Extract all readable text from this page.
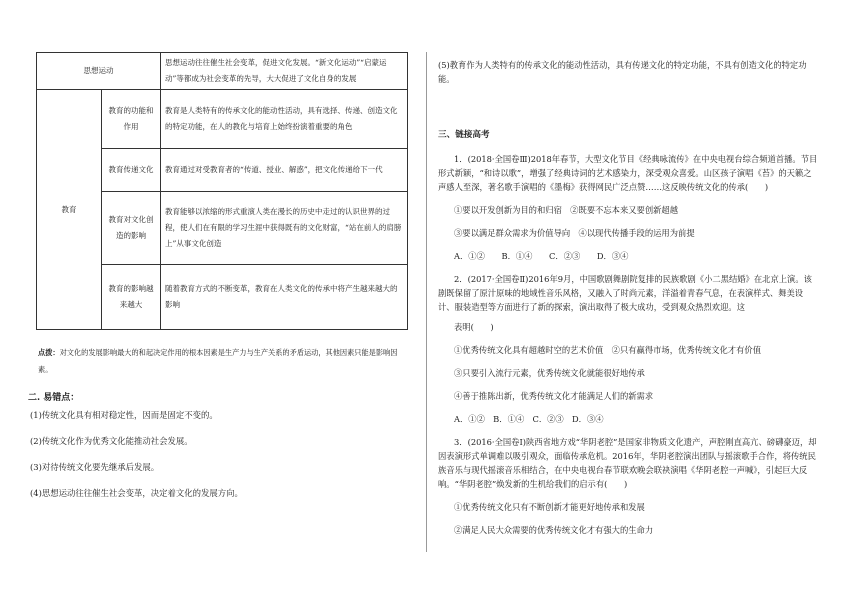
思想运动		思想运动往往催生社会变革，促进文化发展。“新文化运动”“启蒙运动”等都成为社会变革的先导，大大促进了文化自身的发展
教育	教育的功能和作用	教育是人类特有的传承文化的能动性活动，具有选择、传递、创造文化的特定功能，在人的教化与培育上始终扮演着重要的角色
	教育传递文化	教育通过对受教育者的“传道、授业、解惑”，把文化传递给下一代
	教育对文化创造的影响	教育能够以浓缩的形式重演人类在漫长的历史中走过的认识世界的过程，使人们在有限的学习生涯中获得既有的文化财富，“站在前人的肩膀上”从事文化创造
	教育的影响越来越大	随着教育方式的不断变革，教育在人类文化的传承中将产生越来越大的影响

点拨：对文化的发展影响最大的和起决定作用的根本因素是生产力与生产关系的矛盾运动，其他因素只能是影响因素。

二. 易错点：
(1)传统文化具有相对稳定性，因而是固定不变的。
(2)传统文化作为优秀文化能推动社会发展。
(3)对待传统文化要先继承后发展。
(4)思想运动往往催生社会变革，决定着文化的发展方向。

(5)教育作为人类特有的传承文化的能动性活动，具有传递文化的特定功能，不具有创造文化的特定功能。

三、链接高考

1．(2018·全国卷Ⅲ)2018年春节，大型文化节目《经典咏流传》在中央电视台综合频道首播。节目形式新颖，“和诗以歌”，增强了经典诗词的艺术感染力，深受观众喜爱。山区孩子演唱《苔》的天籁之声感人至深，著名歌手演唱的《墨梅》获得网民广泛点赞……这反映传统文化的传承(　　)

①要以开发创新为目的和归宿　②既要不忘本来又要创新超越

③要以满足群众需求为价值导向　④以现代传播手段的运用为前提

A．①②　　B．①④　　C．②③　　D．③④

2．(2017·全国卷Ⅱ)2016年9月，中国歌剧舞剧院复排的民族歌剧《小二黑结婚》在北京上演。该剧既保留了原汁原味的地域性音乐风格，又融入了时尚元素，洋溢着青春气息，在表演样式、舞美设计、服装造型等方面进行了新的探索，演出取得了极大成功，受到观众热烈欢迎。这

表明(　　)

①优秀传统文化具有超越时空的艺术价值　②只有赢得市场，优秀传统文化才有价值

③只要引入流行元素，优秀传统文化就能很好地传承

④善于推陈出新，优秀传统文化才能满足人们的新需求

A．①②　B．①④　C．②③　D．③④

3．(2016·全国卷Ⅰ)陕西省地方戏“华阴老腔”是国家非物质文化遗产，声腔刚直高亢、磅礴豪迈，却因表演形式单调难以吸引观众，面临传承危机。2016年，华阴老腔演出团队与摇滚歌手合作，将传统民族音乐与现代摇滚音乐相结合，在中央电视台春节联欢晚会联袂演唱《华阴老腔一声喊》，引起巨大反响。“华阴老腔”焕发新的生机给我们的启示有(　　)

①优秀传统文化只有不断创新才能更好地传承和发展

②满足人民大众需要的优秀传统文化才有强大的生命力
